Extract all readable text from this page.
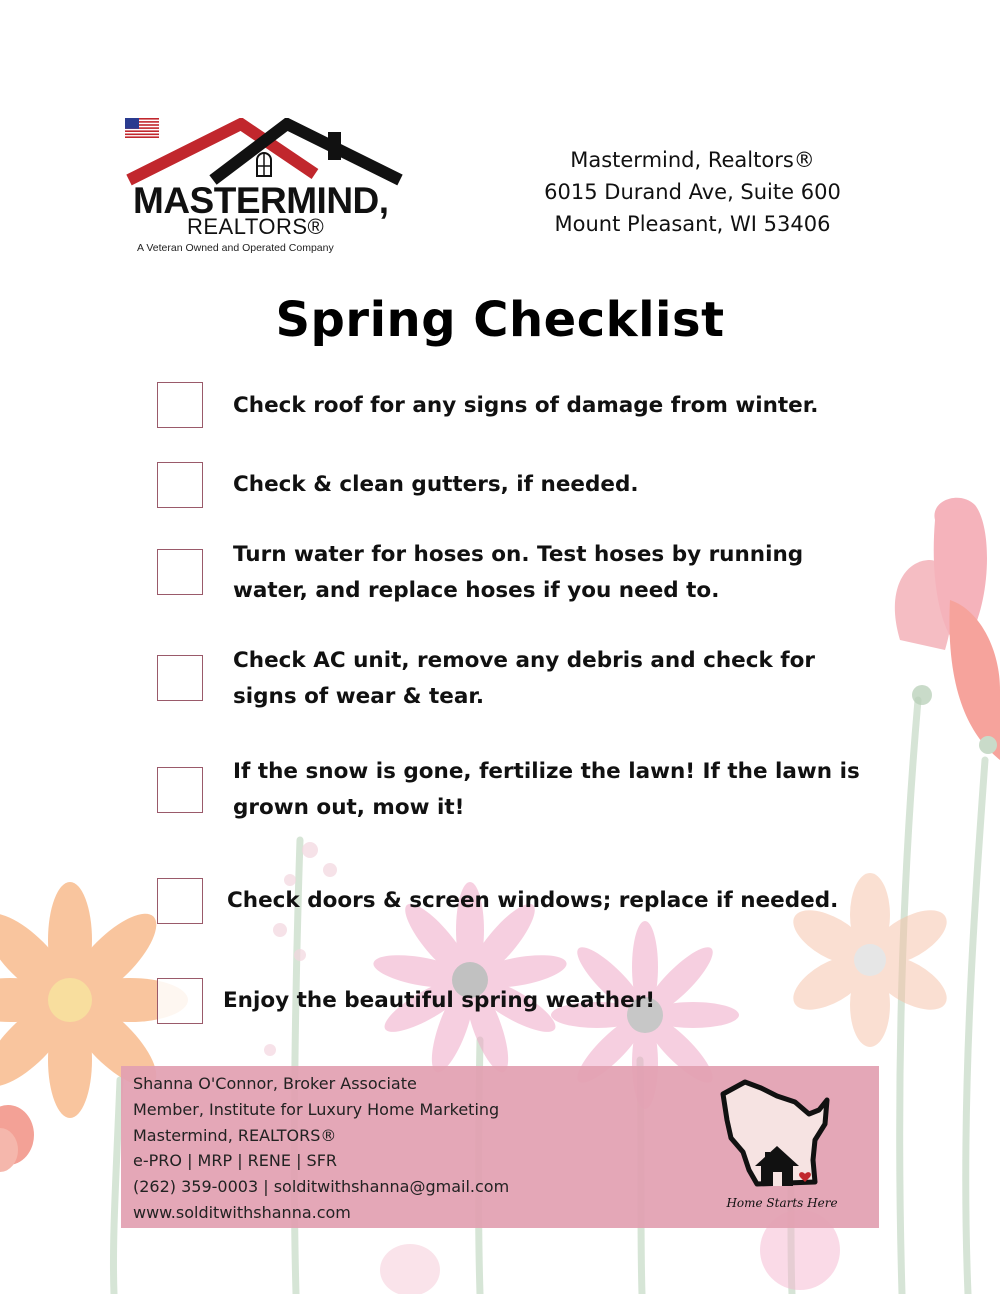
MASTERMIND,
REALTORS®
A Veteran Owned and Operated Company
Mastermind, Realtors®
6015 Durand Ave, Suite 600
Mount Pleasant, WI 53406
Spring Checklist
Check roof for any signs of damage from winter.
Check & clean gutters, if needed.
Turn water for hoses on. Test hoses by running
water, and replace hoses if you need to.
Check AC unit, remove any debris and check for
signs of wear & tear.
If the snow is gone, fertilize the lawn! If the lawn is
grown out, mow it!
Check doors & screen windows; replace if needed.
Enjoy the beautiful spring weather!
Shanna O'Connor, Broker Associate
Member, Institute for Luxury Home Marketing
Mastermind, REALTORS®
e-PRO | MRP | RENE | SFR
(262) 359-0003 | solditwithshanna@gmail.com
www.solditwithshanna.com	Home Starts Here
